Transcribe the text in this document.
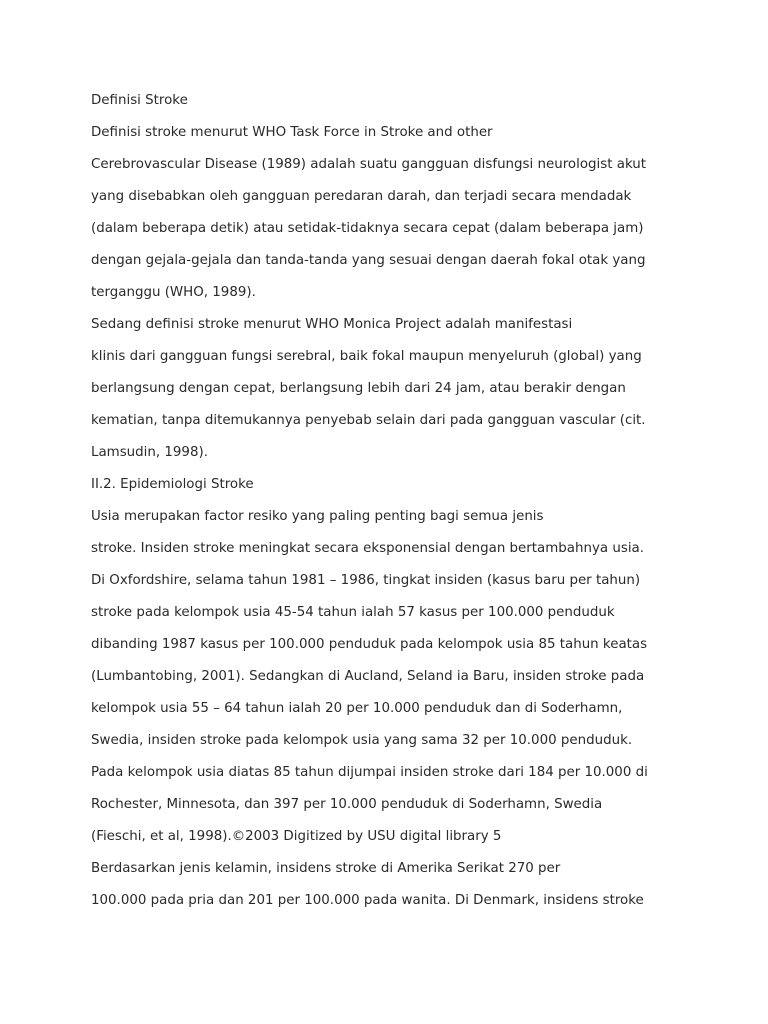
Definisi Stroke
Definisi stroke menurut WHO Task Force in Stroke and other
Cerebrovascular Disease (1989) adalah suatu gangguan disfungsi neurologist akut
yang disebabkan oleh gangguan peredaran darah, dan terjadi secara mendadak
(dalam beberapa detik) atau setidak-tidaknya secara cepat (dalam beberapa jam)
dengan gejala-gejala dan tanda-tanda yang sesuai dengan daerah fokal otak yang
terganggu (WHO, 1989).
Sedang definisi stroke menurut WHO Monica Project adalah manifestasi
klinis dari gangguan fungsi serebral, baik fokal maupun menyeluruh (global) yang
berlangsung dengan cepat, berlangsung lebih dari 24 jam, atau berakir dengan
kematian, tanpa ditemukannya penyebab selain dari pada gangguan vascular (cit.
Lamsudin, 1998).
II.2. Epidemiologi Stroke
Usia merupakan factor resiko yang paling penting bagi semua jenis
stroke. Insiden stroke meningkat secara eksponensial dengan bertambahnya usia.
Di Oxfordshire, selama tahun 1981 – 1986, tingkat insiden (kasus baru per tahun)
stroke pada kelompok usia 45-54 tahun ialah 57 kasus per 100.000 penduduk
dibanding 1987 kasus per 100.000 penduduk pada kelompok usia 85 tahun keatas
(Lumbantobing, 2001). Sedangkan di Aucland, Seland ia Baru, insiden stroke pada
kelompok usia 55 – 64 tahun ialah 20 per 10.000 penduduk dan di Soderhamn,
Swedia, insiden stroke pada kelompok usia yang sama 32 per 10.000 penduduk.
Pada kelompok usia diatas 85 tahun dijumpai insiden stroke dari 184 per 10.000 di
Rochester, Minnesota, dan 397 per 10.000 penduduk di Soderhamn, Swedia
(Fieschi, et al, 1998).©2003 Digitized by USU digital library 5
Berdasarkan jenis kelamin, insidens stroke di Amerika Serikat 270 per
100.000 pada pria dan 201 per 100.000 pada wanita. Di Denmark, insidens stroke
